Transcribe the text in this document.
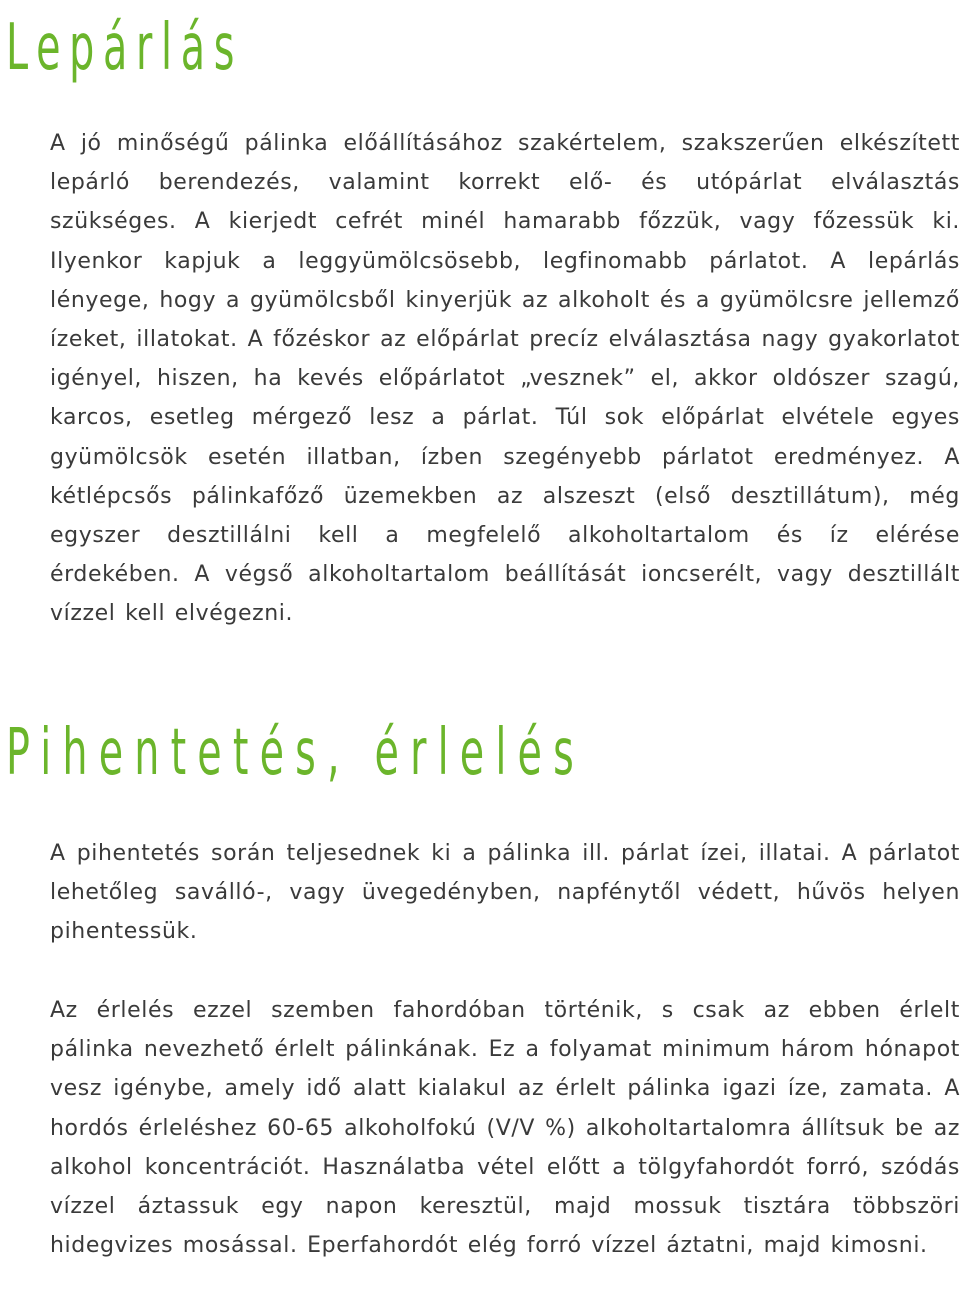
Lepárlás

A jó minőségű pálinka előállításához szakértelem, szakszerűen elkészített lepárló berendezés, valamint korrekt elő- és utópárlat elválasztás szükséges. A kierjedt cefrét minél hamarabb főzzük, vagy főzessük ki. Ilyenkor kapjuk a leggyümölcsösebb, legfinomabb párlatot. A lepárlás lényege, hogy a gyümölcsből kinyerjük az alkoholt és a gyümölcsre jellemző ízeket, illatokat. A főzéskor az előpárlat precíz elválasztása nagy gyakorlatot igényel, hiszen, ha kevés előpárlatot „vesznek” el, akkor oldószer szagú, karcos, esetleg mérgező lesz a párlat. Túl sok előpárlat elvétele egyes gyümölcsök esetén illatban, ízben szegényebb párlatot eredményez. A kétlépcsős pálinkafőző üzemekben az alszeszt (első desztillátum), még egyszer desztillálni kell a megfelelő alkoholtartalom és íz elérése érdekében. A végső alkoholtartalom beállítását ioncserélt, vagy desztillált vízzel kell elvégezni.

Pihentetés, érlelés

A pihentetés során teljesednek ki a pálinka ill. párlat ízei, illatai. A párlatot lehetőleg saválló-, vagy üvegedényben, napfénytől védett, hűvös helyen pihentessük.

Az érlelés ezzel szemben fahordóban történik, s csak az ebben érlelt pálinka nevezhető érlelt pálinkának. Ez a folyamat minimum három hónapot vesz igénybe, amely idő alatt kialakul az érlelt pálinka igazi íze, zamata. A hordós érleléshez 60-65 alkoholfokú (V/V %) alkoholtartalomra állítsuk be az alkohol koncentrációt. Használatba vétel előtt a tölgyfahordót forró, szódás vízzel áztassuk egy napon keresztül, majd mossuk tisztára többszöri hidegvizes mosással. Eperfahordót elég forró vízzel áztatni, majd kimosni.
